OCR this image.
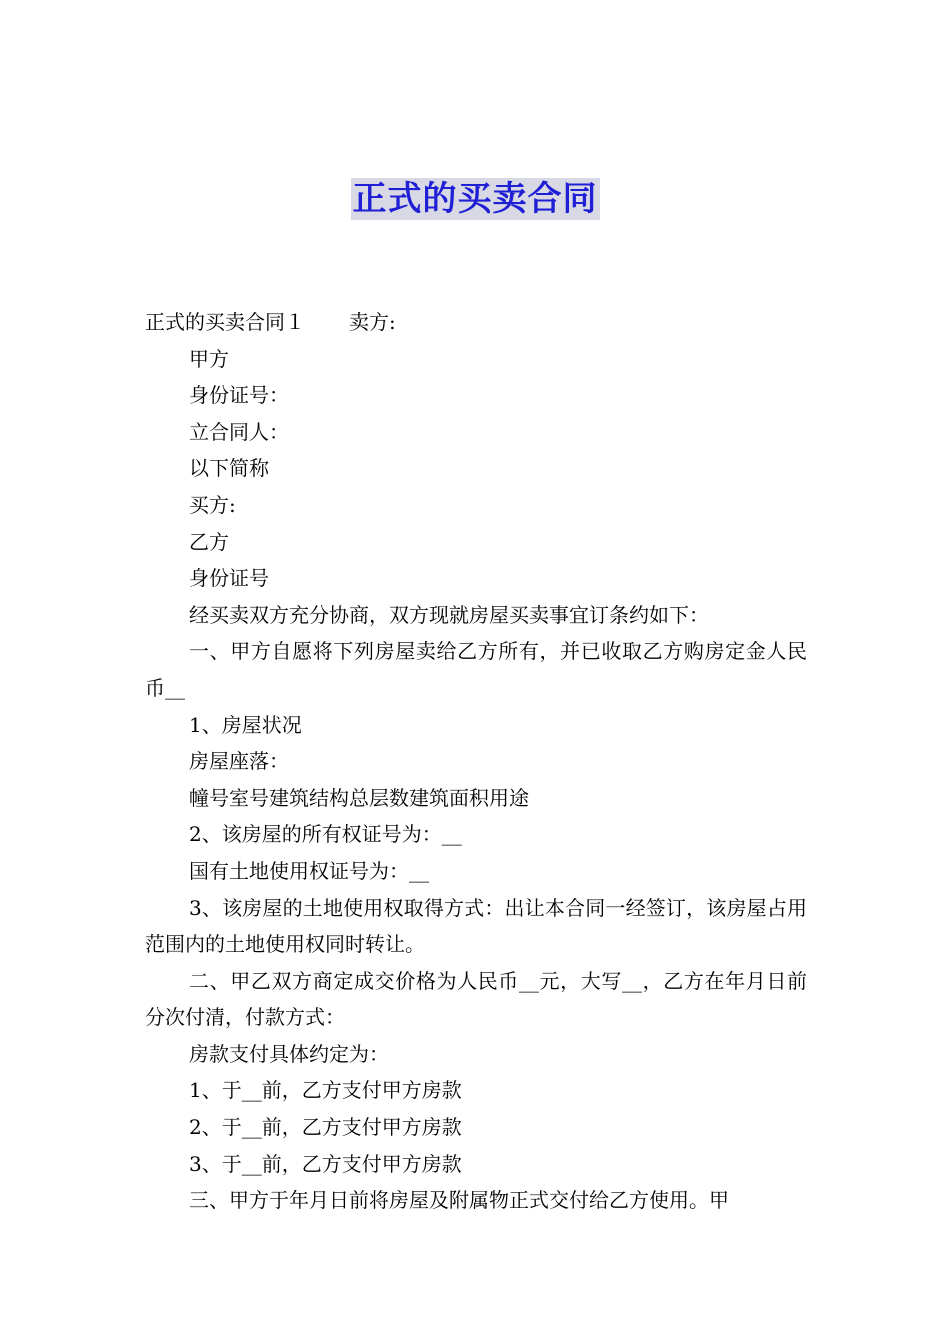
正式的买卖合同

正式的买卖合同１ 卖方:

甲方

身份证号：

立合同人：

以下简称

买方:

乙方

身份证号

经买卖双方充分协商，双方现就房屋买卖事宜订条约如下：

一、甲方自愿将下列房屋卖给乙方所有，并已收取乙方购房定金人民币__

1、房屋状况

房屋座落：

幢号室号建筑结构总层数建筑面积用途

2、该房屋的所有权证号为：__

国有土地使用权证号为：__

3、该房屋的土地使用权取得方式：出让本合同一经签订，该房屋占用范围内的土地使用权同时转让。

二、甲乙双方商定成交价格为人民币__元，大写__，乙方在年月日前分次付清，付款方式：

房款支付具体约定为：

1、于__前，乙方支付甲方房款

2、于__前，乙方支付甲方房款

3、于__前，乙方支付甲方房款

三、甲方于年月日前将房屋及附属物正式交付给乙方使用。甲
